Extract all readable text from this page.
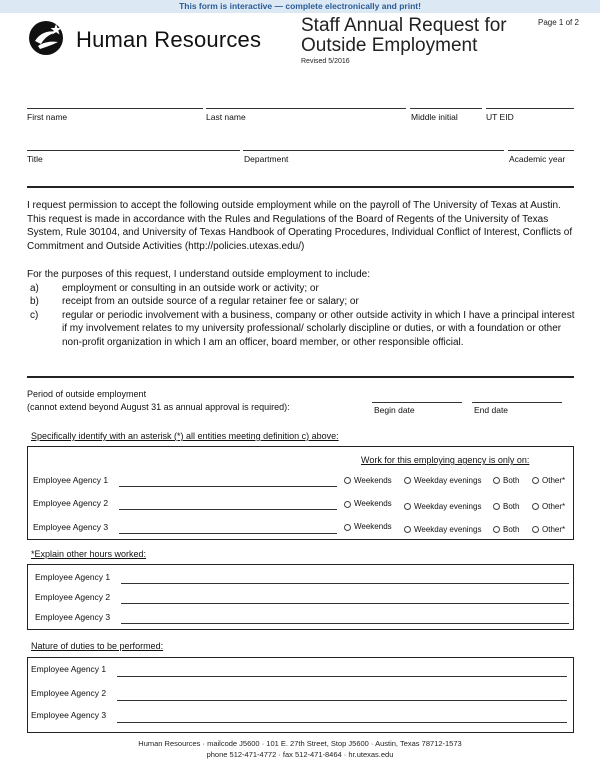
This form is interactive — complete electronically and print!
Human Resources
Staff Annual Request for
Outside Employment
Revised 5/2016
Page 1 of 2
First name	Last name	Middle initial	UT EID
Title	Department	Academic year
I request permission to accept the following outside employment while on the payroll of The University of Texas at Austin. This request is made in accordance with the Rules and Regulations of the Board of Regents of the University of Texas System, Rule 30104, and University of Texas Handbook of Operating Procedures, Individual Conflict of Interest, Conflicts of Commitment and Outside Activities (http://policies.utexas.edu/)
For the purposes of this request, I understand outside employment to include:
a)	employment or consulting in an outside work or activity; or
b)	receipt from an outside source of a regular retainer fee or salary; or
c)	regular or periodic involvement with a business, company or other outside activity in which I have a principal interest if my involvement relates to my university professional/ scholarly discipline or duties, or with a foundation or other non-profit organization in which I am an officer, board member, or other responsible official.
Period of outside employment
(cannot extend beyond August 31 as annual approval is required):	Begin date	End date
Specifically identify with an asterisk (*) all entities meeting definition c) above:
Work for this employing agency is only on:
Employee Agency 1	Weekends	Weekday evenings	Both	Other*
Employee Agency 2	Weekends	Weekday evenings	Both	Other*
Employee Agency 3	Weekends	Weekday evenings	Both	Other*
*Explain other hours worked:
Employee Agency 1
Employee Agency 2
Employee Agency 3
Nature of duties to be performed:
Employee Agency 1
Employee Agency 2
Employee Agency 3
Human Resources · mailcode J5600 · 101 E. 27th Street, Stop J5600 · Austin, Texas 78712-1573
phone 512-471-4772 · fax 512-471-8464 · hr.utexas.edu
